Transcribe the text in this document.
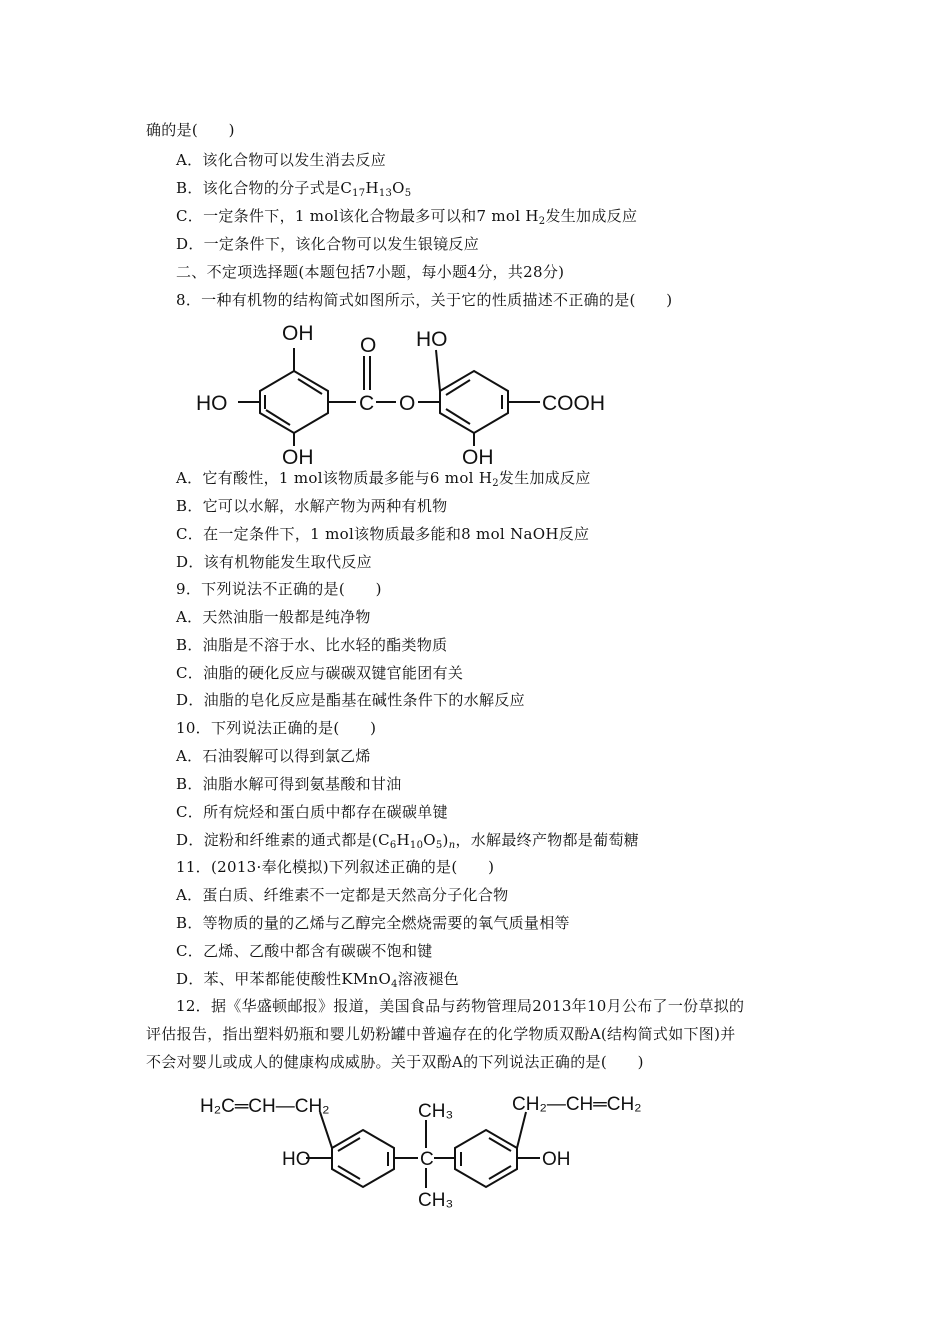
确的是(　　)
A．该化合物可以发生消去反应
B．该化合物的分子式是$C_{17}H_{13}O_5$
C．一定条件下，1 mol该化合物最多可以和7 mol $H_2$发生加成反应
D．一定条件下，该化合物可以发生银镜反应
二、不定项选择题(本题包括7小题，每小题4分，共28分)
8．一种有机物的结构简式如图所示，关于它的性质描述不正确的是(　　)
OH
HO
OH
O
C O
HO
COOH
OH
A．它有酸性，1 mol该物质最多能与6 mol $H_2$发生加成反应
B．它可以水解，水解产物为两种有机物
C．在一定条件下，1 mol该物质最多能和8 mol NaOH反应
D．该有机物能发生取代反应
9．下列说法不正确的是(　　)
A．天然油脂一般都是纯净物
B．油脂是不溶于水、比水轻的酯类物质
C．油脂的硬化反应与碳碳双键官能团有关
D．油脂的皂化反应是酯基在碱性条件下的水解反应
10．下列说法正确的是(　　)
A．石油裂解可以得到氯乙烯
B．油脂水解可得到氨基酸和甘油
C．所有烷烃和蛋白质中都存在碳碳单键
D．淀粉和纤维素的通式都是$(C_6H_{10}O_5)_n$，水解最终产物都是葡萄糖
11．(2013·奉化模拟)下列叙述正确的是(　　)
A．蛋白质、纤维素不一定都是天然高分子化合物
B．等物质的量的乙烯与乙醇完全燃烧需要的氧气质量相等
C．乙烯、乙酸中都含有碳碳不饱和键
D．苯、甲苯都能使酸性KMnO$_4$溶液褪色
12．据《华盛顿邮报》报道，美国食品与药物管理局2013年10月公布了一份草拟的
评估报告，指出塑料奶瓶和婴儿奶粉罐中普遍存在的化学物质双酚A(结构简式如下图)并
不会对婴儿或成人的健康构成威胁。关于双酚A的下列说法正确的是(　　)
H₂C═CH—CH₂	CH₂—CH═CH₂
HO	OH
C
CH₃
CH₃
